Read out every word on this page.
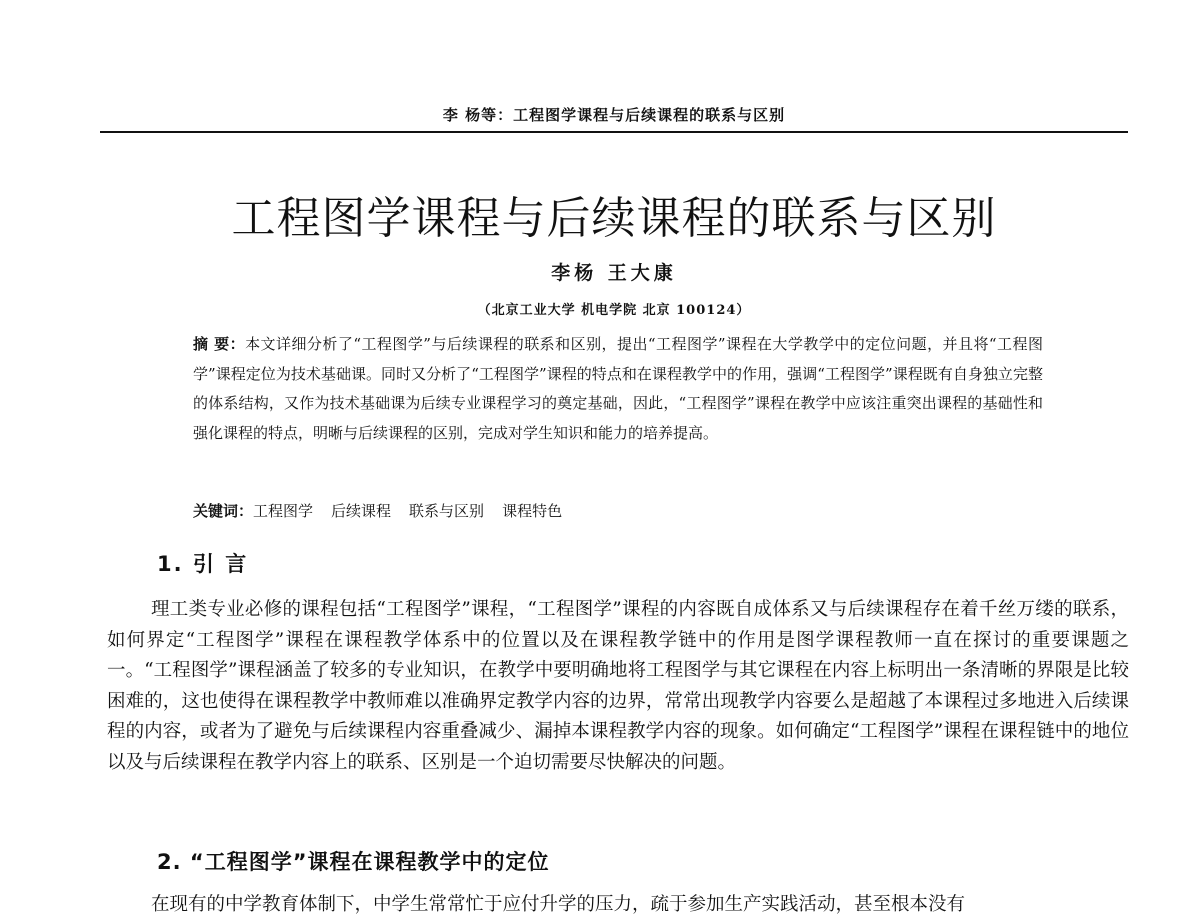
李 杨等：工程图学课程与后续课程的联系与区别
工程图学课程与后续课程的联系与区别
李杨 王大康
（北京工业大学 机电学院 北京 100124）
摘 要：本文详细分析了“工程图学”与后续课程的联系和区别，提出“工程图学”课程在大学教学中的定位问题，并且将“工程图学”课程定位为技术基础课。同时又分析了“工程图学”课程的特点和在课程教学中的作用，强调“工程图学”课程既有自身独立完整的体系结构，又作为技术基础课为后续专业课程学习的奠定基础，因此，“工程图学”课程在教学中应该注重突出课程的基础性和强化课程的特点，明晰与后续课程的区别，完成对学生知识和能力的培养提高。
关键词：工程图学 后续课程 联系与区别 课程特色
1. 引 言
理工类专业必修的课程包括“工程图学”课程，“工程图学”课程的内容既自成体系又与后续课程存在着千丝万缕的联系，如何界定“工程图学”课程在课程教学体系中的位置以及在课程教学链中的作用是图学课程教师一直在探讨的重要课题之一。“工程图学”课程涵盖了较多的专业知识，在教学中要明确地将工程图学与其它课程在内容上标明出一条清晰的界限是比较困难的，这也使得在课程教学中教师难以准确界定教学内容的边界，常常出现教学内容要么是超越了本课程过多地进入后续课程的内容，或者为了避免与后续课程内容重叠减少、漏掉本课程教学内容的现象。如何确定“工程图学”课程在课程链中的地位以及与后续课程在教学内容上的联系、区别是一个迫切需要尽快解决的问题。
2. “工程图学”课程在课程教学中的定位
在现有的中学教育体制下，中学生常常忙于应付升学的压力，疏于参加生产实践活动，甚至根本没有
